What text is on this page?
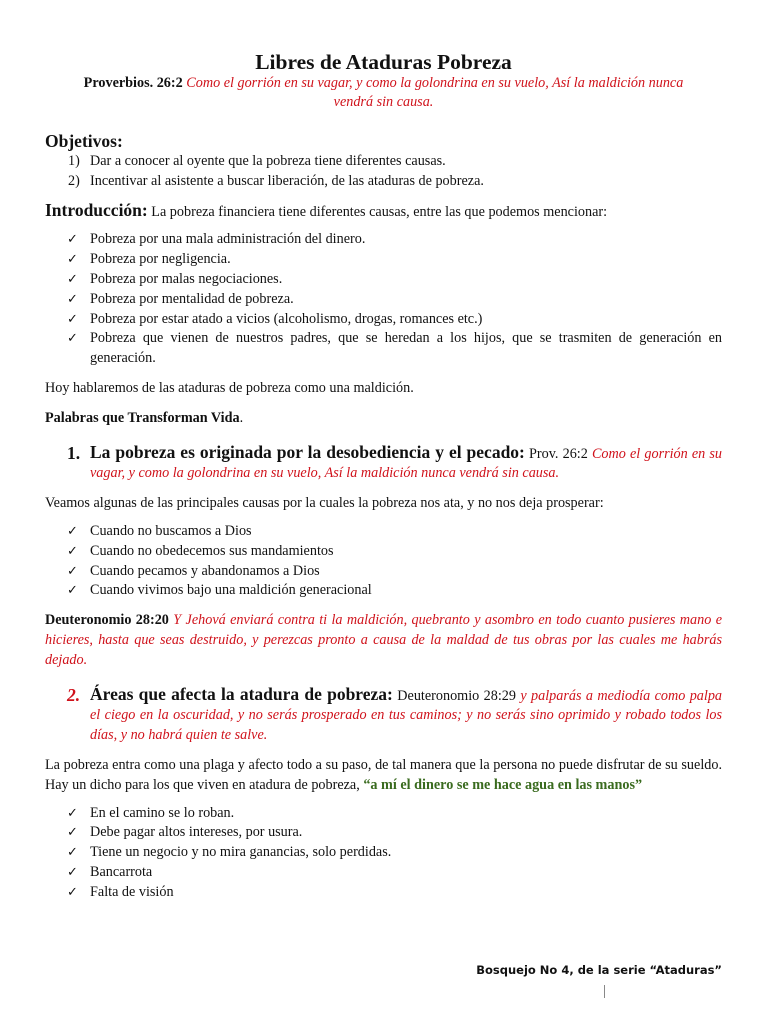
Libres de Ataduras Pobreza
Proverbios. 26:2 Como el gorrión en su vagar, y como la golondrina en su vuelo, Así la maldición nunca vendrá sin causa.
Objetivos:
1) Dar a conocer al oyente que la pobreza tiene diferentes causas.
2) Incentivar al asistente a buscar liberación, de las ataduras de pobreza.
Introducción: La pobreza financiera tiene diferentes causas, entre las que podemos mencionar:
✓ Pobreza por una mala administración del dinero.
✓ Pobreza por negligencia.
✓ Pobreza por malas negociaciones.
✓ Pobreza por mentalidad de pobreza.
✓ Pobreza por estar atado a vicios (alcoholismo, drogas, romances etc.)
✓ Pobreza que vienen de nuestros padres, que se heredan a los hijos, que se trasmiten de generación en generación.

Hoy hablaremos de las ataduras de pobreza como una maldición.

Palabras que Transforman Vida.

1. La pobreza es originada por la desobediencia y el pecado: Prov. 26:2 Como el gorrión en su vagar, y como la golondrina en su vuelo, Así la maldición nunca vendrá sin causa.

Veamos algunas de las principales causas por la cuales la pobreza nos ata, y no nos deja prosperar:

✓ Cuando no buscamos a Dios
✓ Cuando no obedecemos sus mandamientos
✓ Cuando pecamos y abandonamos a Dios
✓ Cuando vivimos bajo una maldición generacional

Deuteronomio 28:20 Y Jehová enviará contra ti la maldición, quebranto y asombro en todo cuanto pusieres mano e hicieres, hasta que seas destruido, y perezcas pronto a causa de la maldad de tus obras por las cuales me habrás dejado.

2. Áreas que afecta la atadura de pobreza: Deuteronomio 28:29 y palparás a mediodía como palpa el ciego en la oscuridad, y no serás prosperado en tus caminos; y no serás sino oprimido y robado todos los días, y no habrá quien te salve.

La pobreza entra como una plaga y afecto todo a su paso, de tal manera que la persona no puede disfrutar de su sueldo. Hay un dicho para los que viven en atadura de pobreza, “a mí el dinero se me hace agua en las manos”

✓ En el camino se lo roban.
✓ Debe pagar altos intereses, por usura.
✓ Tiene un negocio y no mira ganancias, solo perdidas.
✓ Bancarrota
✓ Falta de visión
Bosquejo No 4, de la serie “Ataduras”
